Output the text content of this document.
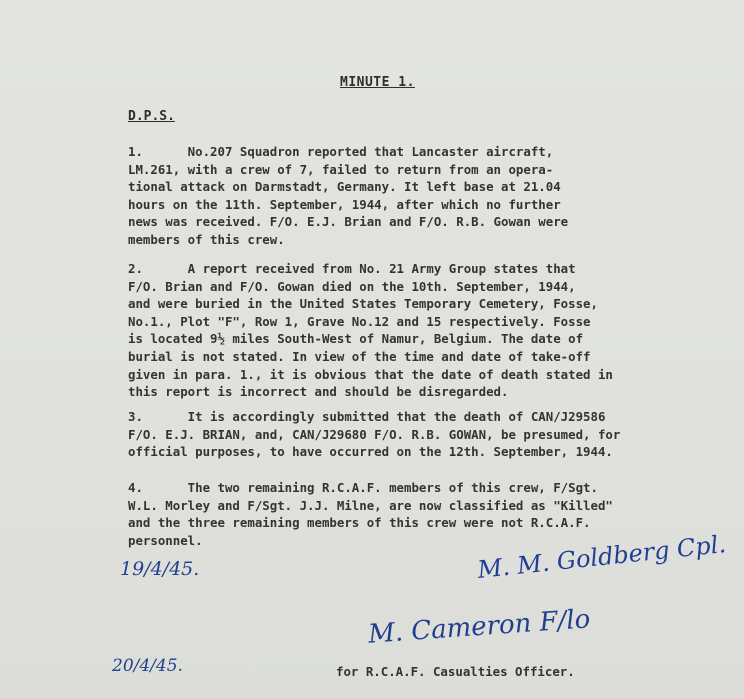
MINUTE 1.
D.P.S.
1.      No.207 Squadron reported that Lancaster aircraft,
LM.261, with a crew of 7, failed to return from an opera-
tional attack on Darmstadt, Germany. It left base at 21.04
hours on the 11th. September, 1944, after which no further
news was received. F/O. E.J. Brian and F/O. R.B. Gowan were
members of this crew.
2.      A report received from No. 21 Army Group states that
F/O. Brian and F/O. Gowan died on the 10th. September, 1944,
and were buried in the United States Temporary Cemetery, Fosse,
No.1., Plot "F", Row 1, Grave No.12 and 15 respectively. Fosse
is located 9½ miles South-West of Namur, Belgium. The date of
burial is not stated. In view of the time and date of take-off
given in para. 1., it is obvious that the date of death stated in
this report is incorrect and should be disregarded.
3.      It is accordingly submitted that the death of CAN/J29586
F/O. E.J. BRIAN, and, CAN/J29680 F/O. R.B. GOWAN, be presumed, for
official purposes, to have occurred on the 12th. September, 1944.
4.      The two remaining R.C.A.F. members of this crew, F/Sgt.
W.L. Morley and F/Sgt. J.J. Milne, are now classified as "Killed"
and the three remaining members of this crew were not R.C.A.F.
personnel.
19/4/45.	M. M. Goldberg Cpl.
20/4/45.
M. Cameron F/lo
for R.C.A.F. Casualties Officer.
